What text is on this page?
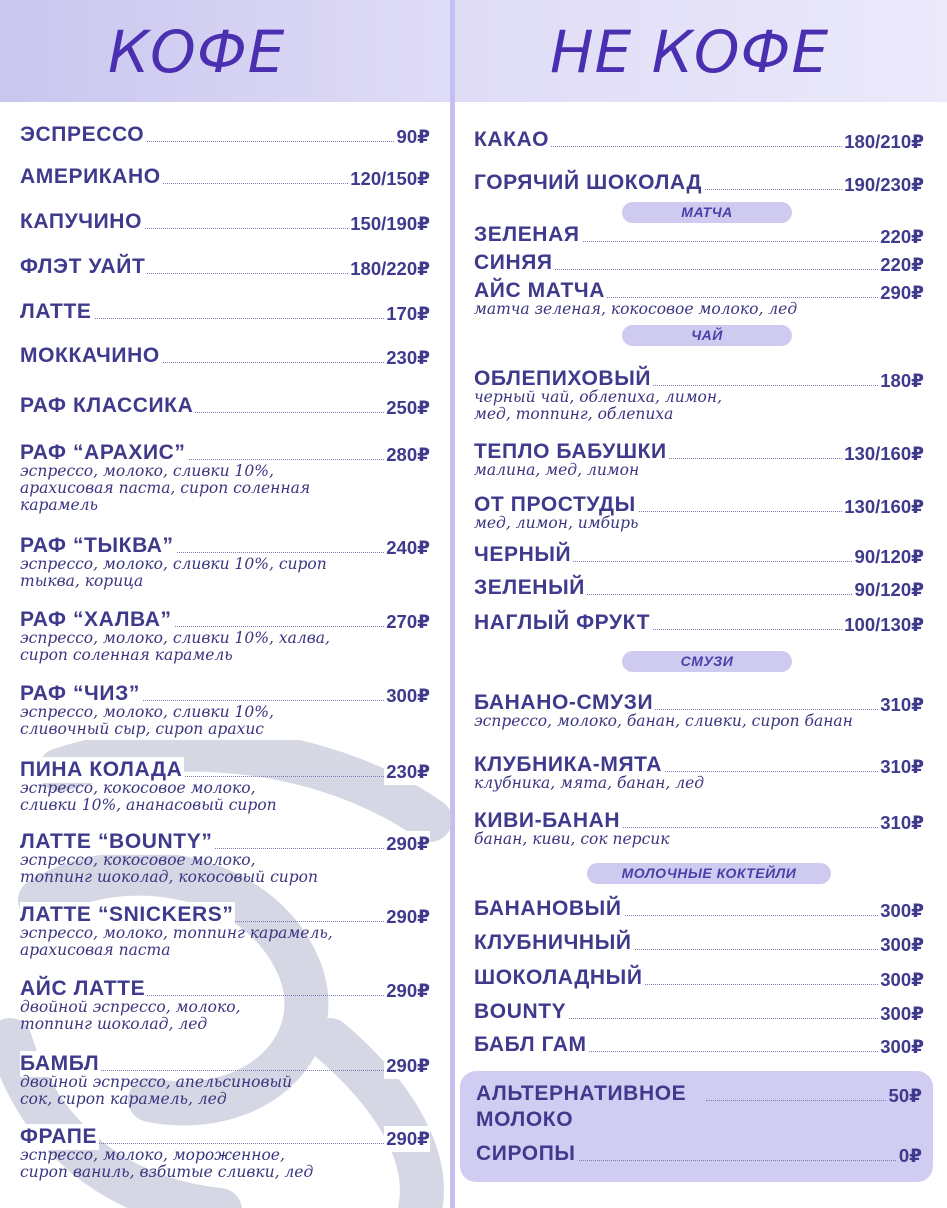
КОФЕ	НЕ КОФЕ
ЭСПРЕССО	90₽
АМЕРИКАНО	120/150₽
КАПУЧИНО	150/190₽
ФЛЭТ УАЙТ	180/220₽
ЛАТТЕ	170₽
МОККАЧИНО	230₽
РАФ КЛАССИКА	250₽
РАФ “АРАХИС”	280₽
эспрессо, молоко, сливки 10%,
арахисовая паста, сироп соленная
карамель
РАФ “ТЫКВА”	240₽
эспрессо, молоко, сливки 10%, сироп
тыква, корица
РАФ “ХАЛВА”	270₽
эспрессо, молоко, сливки 10%, халва,
сироп соленная карамель
РАФ “ЧИЗ”	300₽
эспрессо, молоко, сливки 10%,
сливочный сыр, сироп арахис
ПИНА КОЛАДА	230₽
эспрессо, кокосовое молоко,
сливки 10%, ананасовый сироп
ЛАТТЕ “BOUNTY”	290₽
эспрессо, кокосовое молоко,
топпинг шоколад, кокосовый сироп
ЛАТТЕ “SNICKERS”	290₽
эспрессо, молоко, топпинг карамель,
арахисовая паста
АЙС ЛАТТЕ	290₽
двойной эспрессо, молоко,
топпинг шоколад, лед
БАМБЛ	290₽
двойной эспрессо, апельсиновый
сок, сироп карамель, лед
ФРАПЕ	290₽
эспрессо, молоко, мороженное,
сироп ваниль, взбитые сливки, лед
КАКАО	180/210₽
ГОРЯЧИЙ ШОКОЛАД	190/230₽
ЗЕЛЕНАЯ	220₽
СИНЯЯ	220₽
АЙС МАТЧА	290₽
матча зеленая, кокосовое молоко, лед
ОБЛЕПИХОВЫЙ	180₽
черный чай, облепиха, лимон,
мед, топпинг, облепиха
ТЕПЛО БАБУШКИ	130/160₽
малина, мед, лимон
ОТ ПРОСТУДЫ	130/160₽
мед, лимон, имбирь
ЧЕРНЫЙ	90/120₽
ЗЕЛЕНЫЙ	90/120₽
НАГЛЫЙ ФРУКТ	100/130₽
БАНАНО-СМУЗИ	310₽
эспрессо, молоко, банан, сливки, сироп банан
КЛУБНИКА-МЯТА	310₽
клубника, мята, банан, лед
КИВИ-БАНАН	310₽
банан, киви, сок персик
БАНАНОВЫЙ	300₽
КЛУБНИЧНЫЙ	300₽
ШОКОЛАДНЫЙ	300₽
BOUNTY	300₽
БАБЛ ГАМ	300₽
МАТЧА
ЧАЙ
СМУЗИ
МОЛОЧНЫЕ КОКТЕЙЛИ
АЛЬТЕРНАТИВНОЕ	50₽
МОЛОКО
СИРОПЫ	0₽
